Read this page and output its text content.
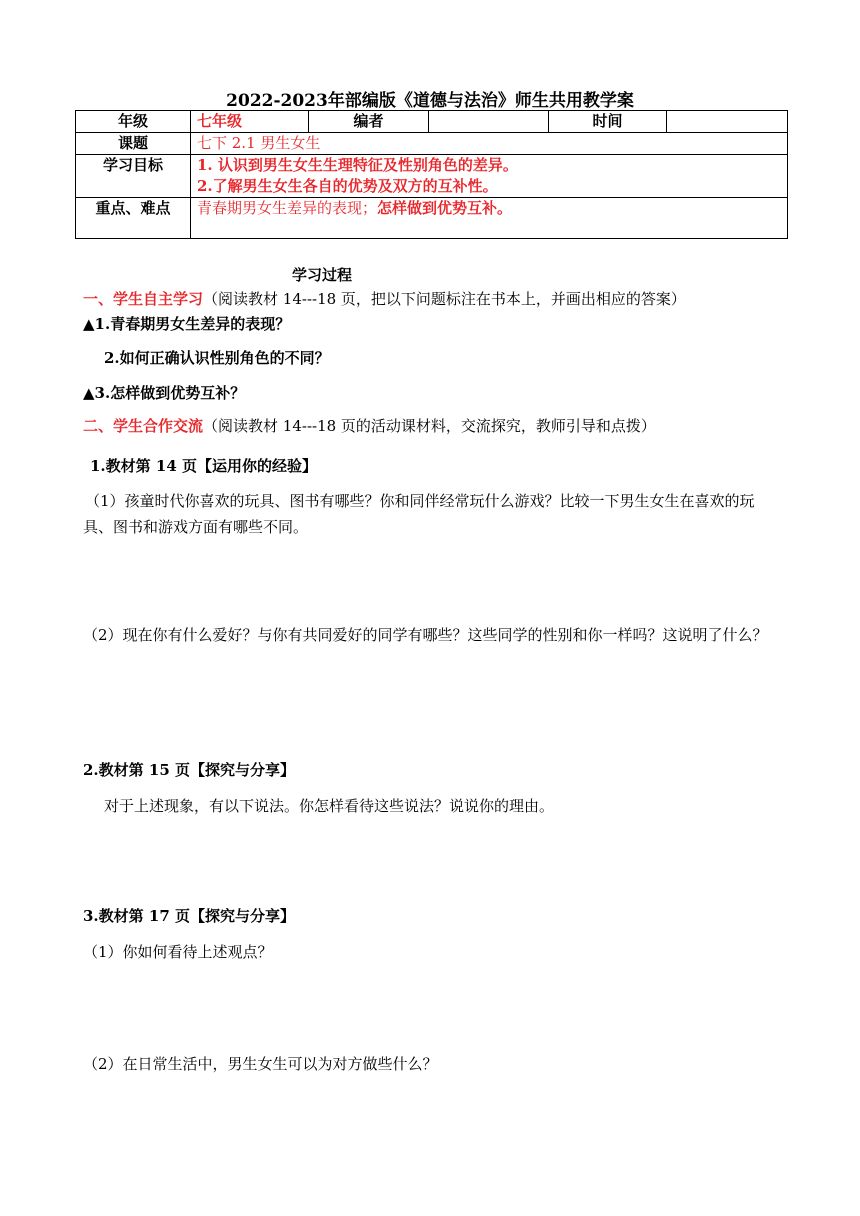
2022-2023年部编版《道德与法治》师生共用教学案
年级	七年级	编者		时间	
课题	七下 2.1 男生女生				
学习目标	1. 认识到男生女生生理特征及性别角色的差异。
2.了解男生女生各自的优势及双方的互补性。				

重点、难点	青春期男女生差异的表现；怎样做到优势互补。				
学习过程
一、学生自主学习（阅读教材 14---18 页，把以下问题标注在书本上，并画出相应的答案）
▲1.青春期男女生差异的表现？
2.如何正确认识性别角色的不同？
▲3.怎样做到优势互补？
二、学生合作交流（阅读教材 14---18 页的活动课材料，交流探究，教师引导和点拨）
1.教材第 14 页【运用你的经验】
（1）孩童时代你喜欢的玩具、图书有哪些？你和同伴经常玩什么游戏？比较一下男生女生在喜欢的玩具、图书和游戏方面有哪些不同。
（2）现在你有什么爱好？与你有共同爱好的同学有哪些？这些同学的性别和你一样吗？这说明了什么？
2.教材第 15 页【探究与分享】
对于上述现象，有以下说法。你怎样看待这些说法？说说你的理由。
3.教材第 17 页【探究与分享】
（1）你如何看待上述观点？
（2）在日常生活中，男生女生可以为对方做些什么？
